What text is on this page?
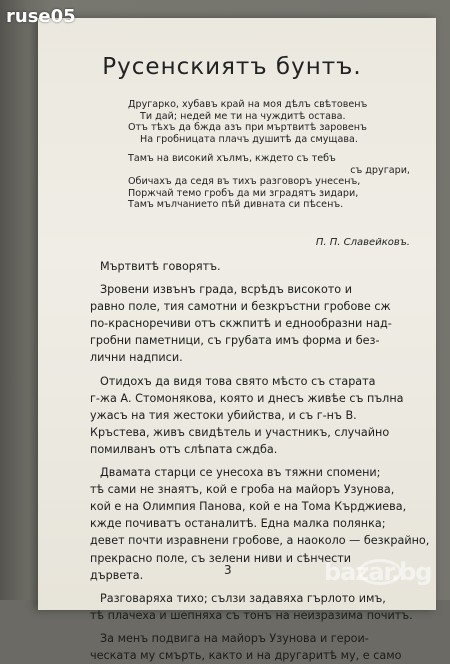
ruse05
Русенскиятъ бунтъ.
Другарко, хубавъ край на моя дѣлъ свѣтовенъ
Ти дай; недей ме ти на чуждитѣ остава.
Отъ тѣхъ да бжда азъ при мъртвитѣ заровенъ
На гробницата плачъ душитѣ да смущава.
Тамъ на високий хълмъ, кждето съ тебъ
съ другари,
Обичахъ да седя въ тихъ разговоръ унесенъ,
Поржчай темо гробъ да ми зградятъ зидари,
Тамъ мълчанието пѣй дивната си пѣсенъ.
П. П. Славейковъ.
Мъртвитѣ говорятъ.
Зровени извънъ града, всрѣдъ високото и
равно поле, тия самотни и безкръстни гробове сж
по-красноречиви отъ скжпитѣ и еднообразни над-
гробни паметници, съ грубата имъ форма и без-
лични надписи.
Отидохъ да видя това свято мѣсто съ старата
г-жа А. Стомонякова, която и днесъ живѣе съ пълна
ужасъ на тия жестоки убийства, и съ г-нъ В.
Кръстева, живъ свидѣтель и участникъ, случайно
помилванъ отъ слѣпата сждба.
Двамата старци се унесоха въ тяжни спомени;
тѣ сами не знаятъ, кой е гроба на майоръ Узунова,
кой е на Олимпия Панова, кой е на Тома Кърджиева,
кжде почиватъ останалитѣ. Една малка полянка;
девет почти изравнени гробове, а наоколо — безкрайно,
прекрасно поле, съ зелени ниви и сѣнчести
дървета.
Разговаряха тихо; сълзи задавяха гърлото имъ,
тѣ плачеха и шепняха съ тонъ на неизразима почитъ.
За менъ подвига на майоръ Узунова и герои-
ческата му смърть, както и на другаритѣ му, е само
3	bazar.bg
